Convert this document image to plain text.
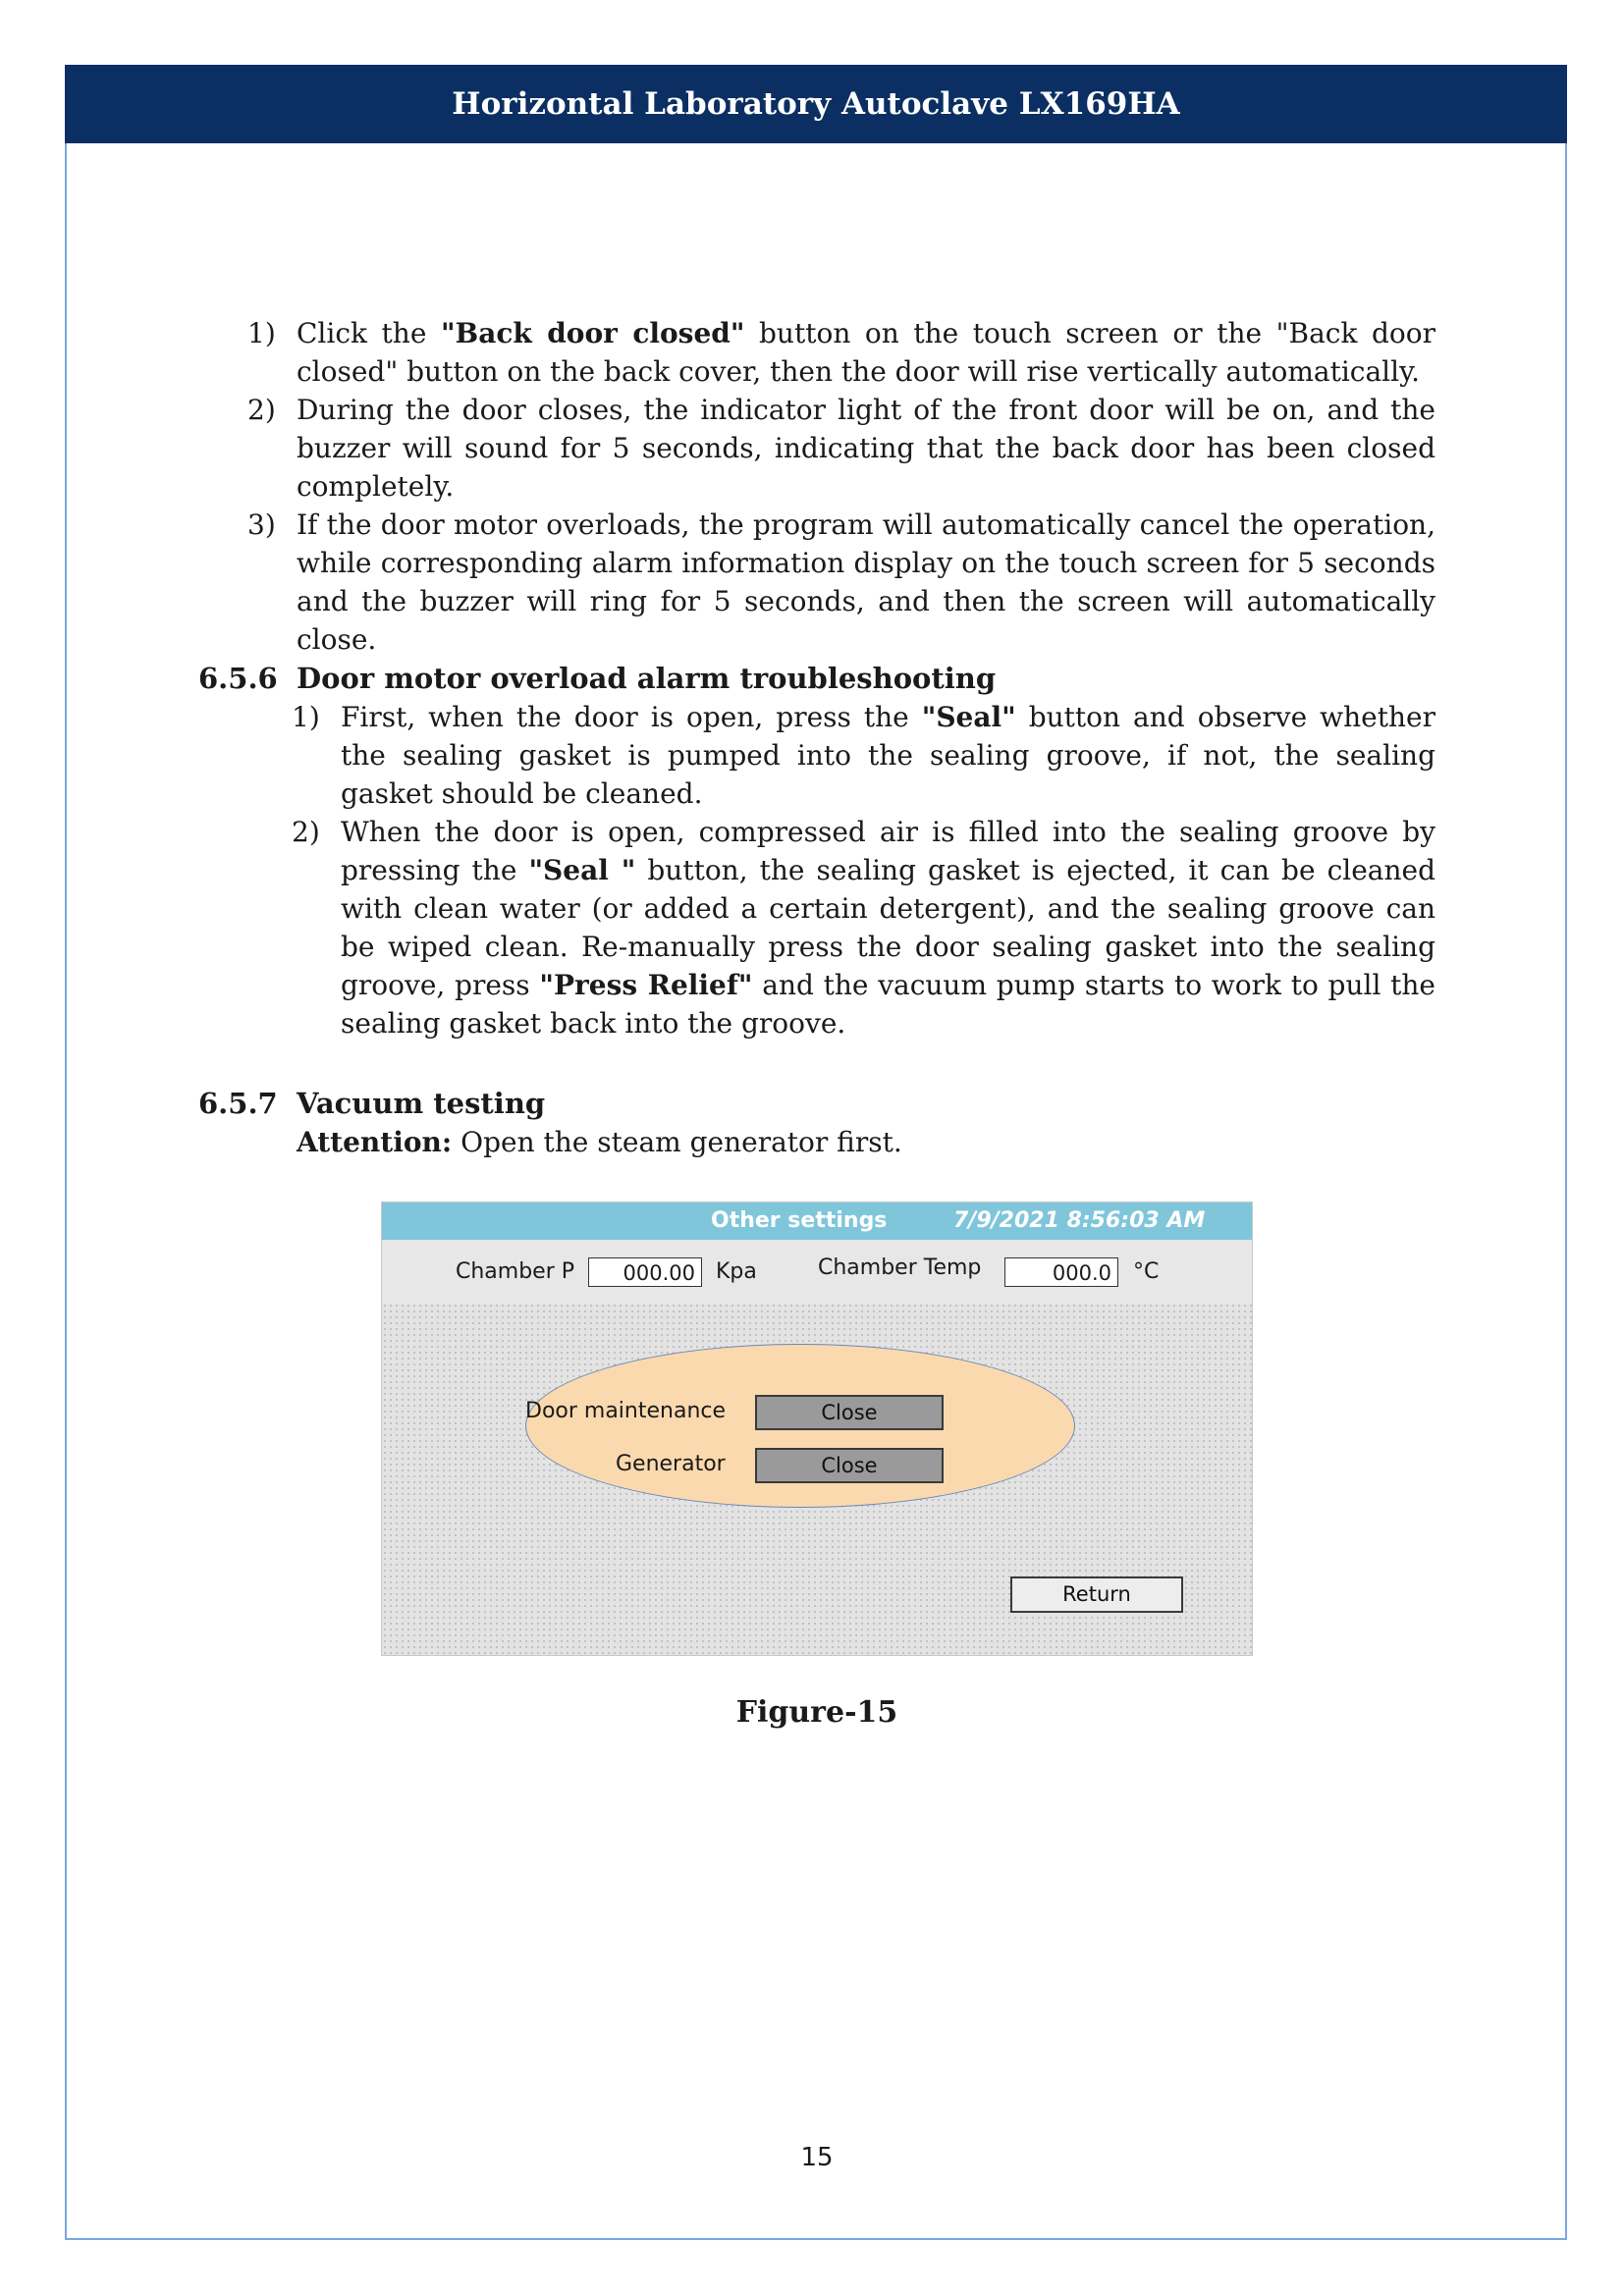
Horizontal Laboratory Autoclave LX169HA
1) Click the "Back door closed" button on the touch screen or the "Back door closed" button on the back cover, then the door will rise vertically automatically.
2) During the door closes, the indicator light of the front door will be on, and the buzzer will sound for 5 seconds, indicating that the back door has been closed completely.
3) If the door motor overloads, the program will automatically cancel the operation, while corresponding alarm information display on the touch screen for 5 seconds and the buzzer will ring for 5 seconds, and then the screen will automatically close.
6.5.6 Door motor overload alarm troubleshooting
1) First, when the door is open, press the "Seal" button and observe whether the sealing gasket is pumped into the sealing groove, if not, the sealing gasket should be cleaned.
2) When the door is open, compressed air is filled into the sealing groove by pressing the "Seal " button, the sealing gasket is ejected, it can be cleaned with clean water (or added a certain detergent), and the sealing groove can be wiped clean. Re-manually press the door sealing gasket into the sealing groove, press "Press Relief" and the vacuum pump starts to work to pull the sealing gasket back into the groove.
6.5.7 Vacuum testing
Attention: Open the steam generator first.
Other settings	7/9/2021 8:56:03 AM
Chamber P	000.00 Kpa	Chamber Temp	000.0	°C
Door maintenance	Close
Generator	Close
Return
Figure-15
15
